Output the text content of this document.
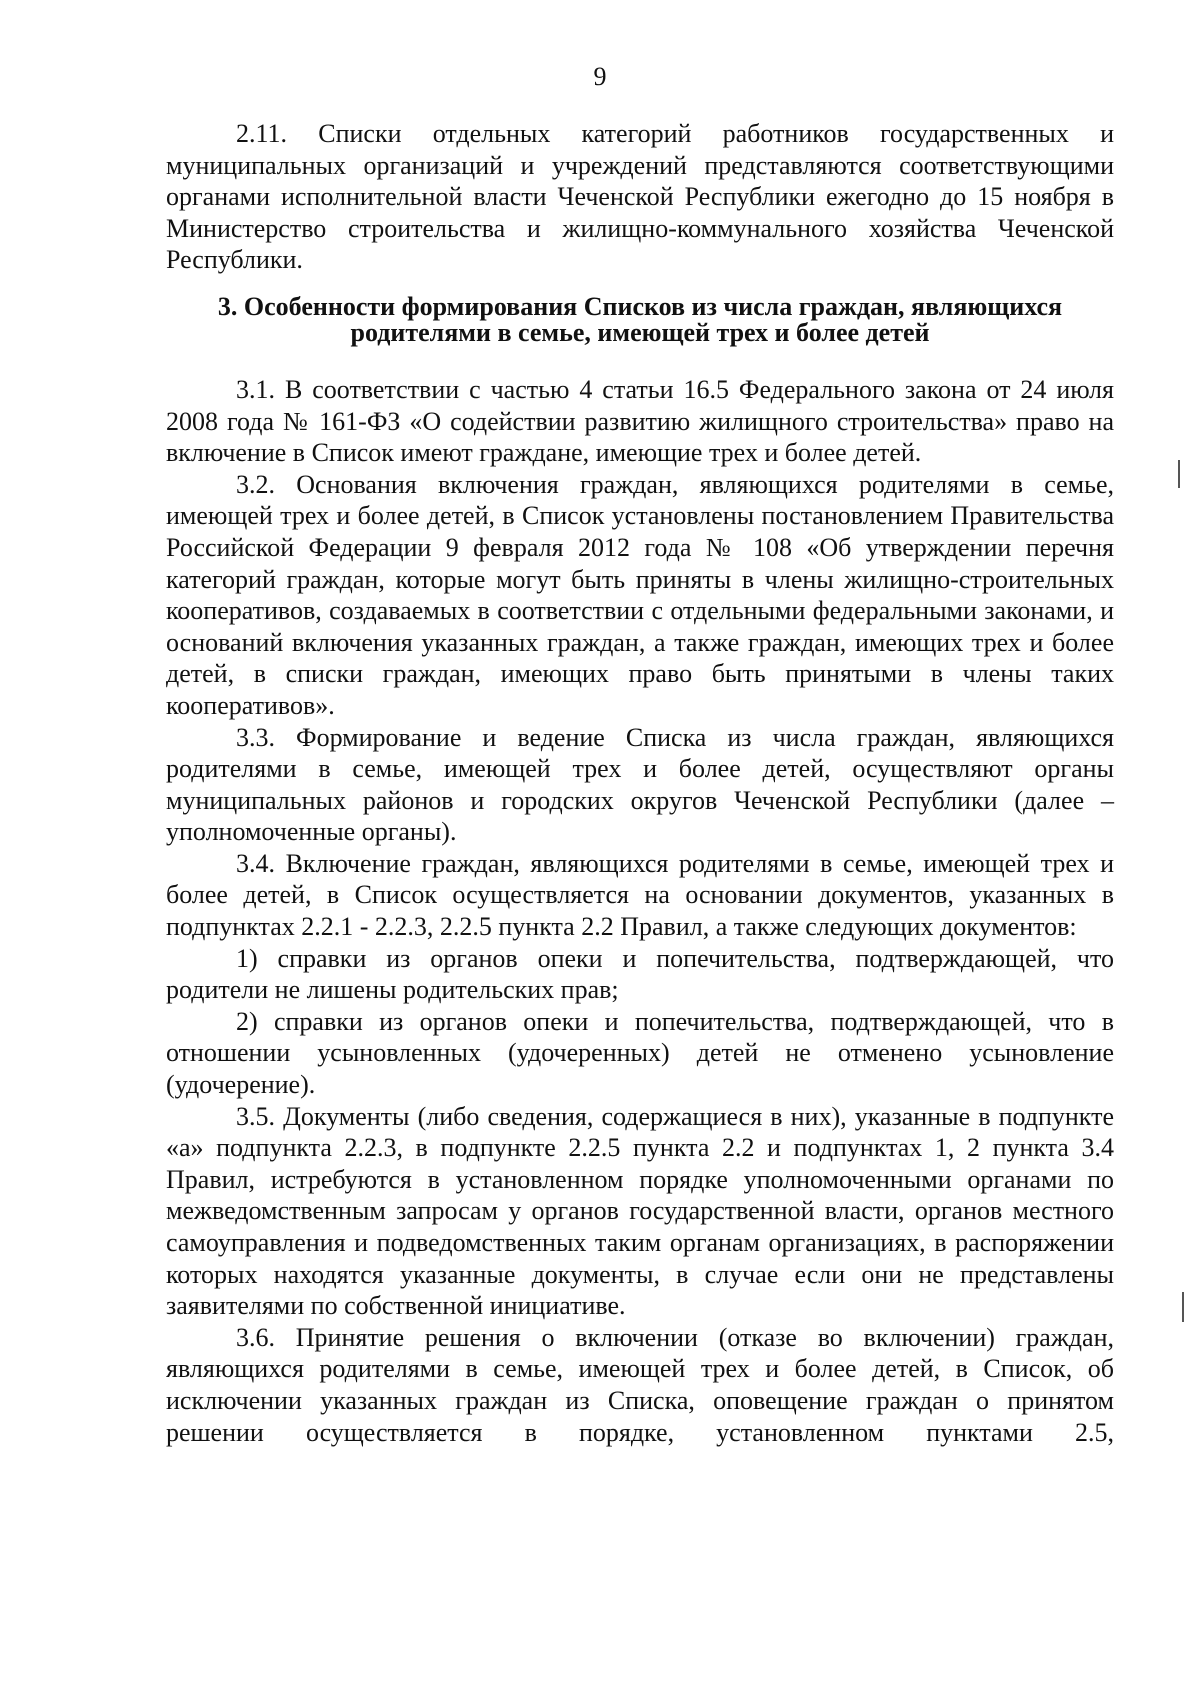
9

2.11. Списки отдельных категорий работников государственных и муниципальных организаций и учреждений представляются соответствующими органами исполнительной власти Чеченской Республики ежегодно до 15 ноября в Министерство строительства и жилищно-коммунального хозяйства Чеченской Республики.

3. Особенности формирования Списков из числа граждан, являющихся
родителями в семье, имеющей трех и более детей

3.1. В соответствии с частью 4 статьи 16.5 Федерального закона от 24 июля 2008 года № 161-ФЗ «О содействии развитию жилищного строительства» право на включение в Список имеют граждане, имеющие трех и более детей.

3.2. Основания включения граждан, являющихся родителями в семье, имеющей трех и более детей, в Список установлены постановлением Правительства Российской Федерации 9 февраля 2012 года № 108 «Об утверждении перечня категорий граждан, которые могут быть приняты в члены жилищно-строительных кооперативов, создаваемых в соответствии с отдельными федеральными законами, и оснований включения указанных граждан, а также граждан, имеющих трех и более детей, в списки граждан, имеющих право быть принятыми в члены таких кооперативов».

3.3. Формирование и ведение Списка из числа граждан, являющихся родителями в семье, имеющей трех и более детей, осуществляют органы муниципальных районов и городских округов Чеченской Республики (далее – уполномоченные органы).

3.4. Включение граждан, являющихся родителями в семье, имеющей трех и более детей, в Список осуществляется на основании документов, указанных в подпунктах 2.2.1 - 2.2.3, 2.2.5 пункта 2.2 Правил, а также следующих документов:

1) справки из органов опеки и попечительства, подтверждающей, что родители не лишены родительских прав;

2) справки из органов опеки и попечительства, подтверждающей, что в отношении усыновленных (удочеренных) детей не отменено усыновление (удочерение).

3.5. Документы (либо сведения, содержащиеся в них), указанные в подпункте «а» подпункта 2.2.3, в подпункте 2.2.5 пункта 2.2 и подпунктах 1, 2 пункта 3.4 Правил, истребуются в установленном порядке уполномоченными органами по межведомственным запросам у органов государственной власти, органов местного самоуправления и подведомственных таким органам организациях, в распоряжении которых находятся указанные документы, в случае если они не представлены заявителями по собственной инициативе.

3.6. Принятие решения о включении (отказе во включении) граждан, являющихся родителями в семье, имеющей трех и более детей, в Список, об исключении указанных граждан из Списка, оповещение граждан о принятом решении осуществляется в порядке, установленном пунктами 2.5,
